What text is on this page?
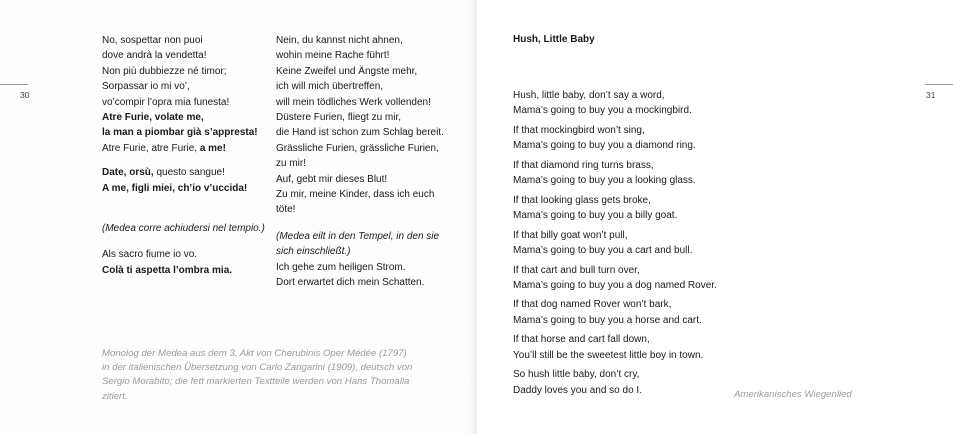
30
No, sospettar non puoi
dove andrà la vendetta!
Non più dubbiezze né timor;
Sorpassar io mi vo’,
vo’compir l’opra mia funesta!
Atre Furie, volate me,
la man a piombar già s’appresta!
Atre Furie, atre Furie, a me!
Date, orsù, questo sangue!
A me, figli miei, ch’io v’uccida!
(Medea corre achiudersi nel tempio.)
Als sacro fiume io vo.
Colà ti aspetta l’ombra mia.
Nein, du kannst nicht ahnen,
wohin meine Rache führt!
Keine Zweifel und Ängste mehr,
ich will mich übertreffen,
will mein tödliches Werk vollenden!
Düstere Furien, fliegt zu mir,
die Hand ist schon zum Schlag bereit.
Grässliche Furien, grässliche Furien,
zu mir!
Auf, gebt mir dieses Blut!
Zu mir, meine Kinder, dass ich euch
töte!
(Medea eilt in den Tempel, in den sie
sich einschließt.)
Ich gehe zum heiligen Strom.
Dort erwartet dich mein Schatten.
Monolog der Medea aus dem 3. Akt von Cherubinis Oper Médée (1797)
in der italienischen Übersetzung von Carlo Zangarini (1909), deutsch von
Sergio Morabito; die fett markierten Textteile werden von Hans Thomalla
zitiert.
31
Hush, Little Baby
Hush, little baby, don’t say a word,
Mama’s going to buy you a mockingbird.
If that mockingbird won’t sing,
Mama’s going to buy you a diamond ring.
If that diamond ring turns brass,
Mama’s going to buy you a looking glass.
If that looking glass gets broke,
Mama’s going to buy you a billy goat.
If that billy goat won’t pull,
Mama’s going to buy you a cart and bull.
If that cart and bull turn over,
Mama’s going to buy you a dog named Rover.
If that dog named Rover won’t bark,
Mama’s going to buy you a horse and cart.
If that horse and cart fall down,
You’ll still be the sweetest little boy in town.
So hush little baby, don’t cry,
Daddy loves you and so do I.	Amerikanisches Wiegenlied
